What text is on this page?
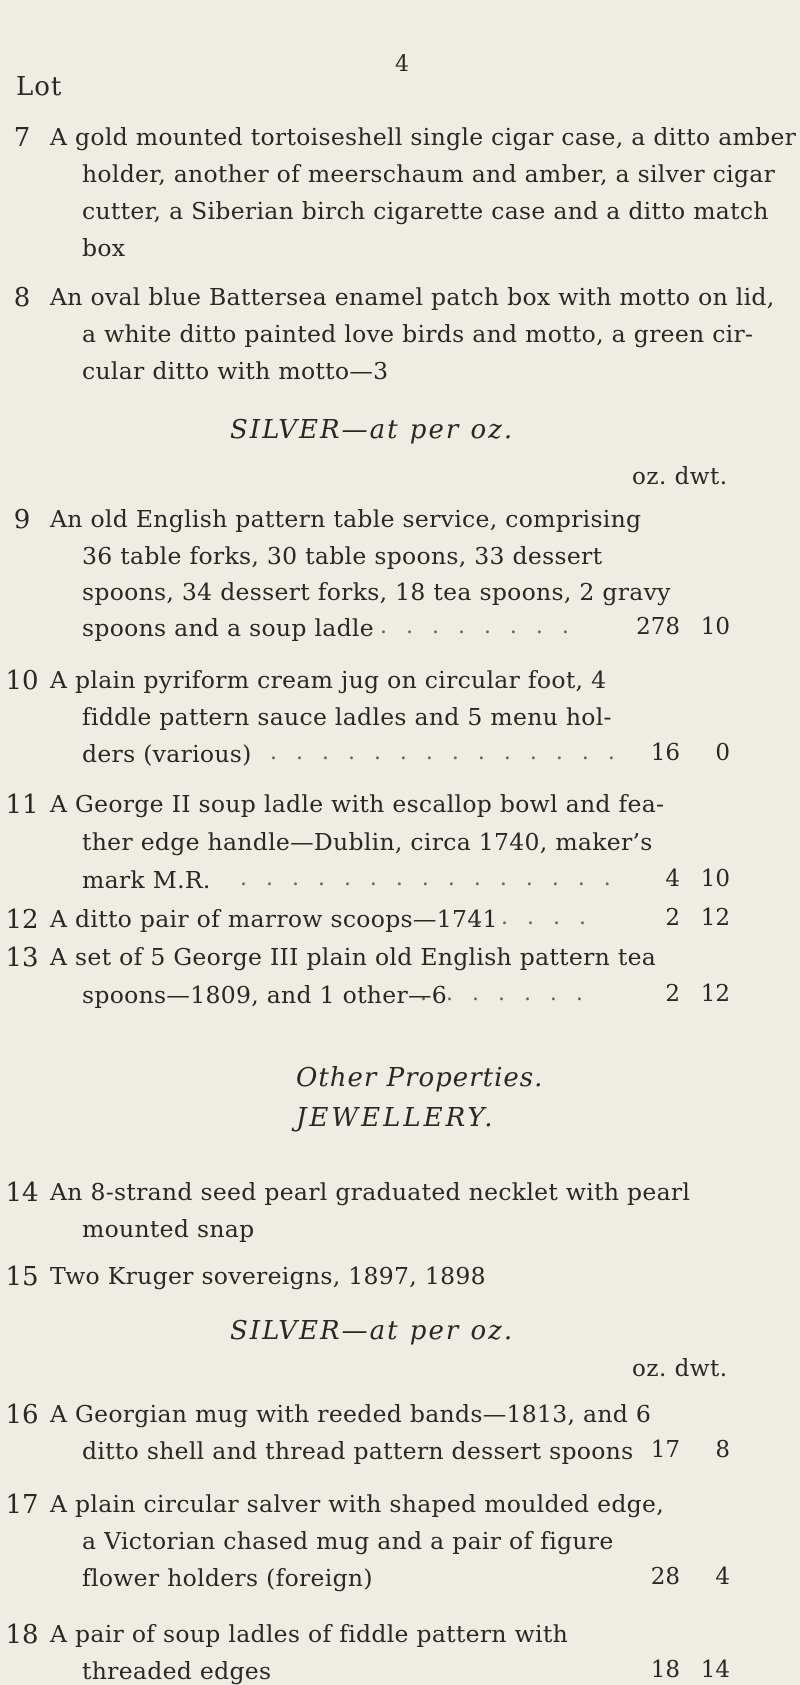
4
Lot
7 A gold mounted tortoiseshell single cigar case, a ditto amber
holder, another of meerschaum and amber, a silver cigar
cutter, a Siberian birch cigarette case and a ditto match
box
8 An oval blue Battersea enamel patch box with motto on lid,
a white ditto painted love birds and motto, a green cir-
cular ditto with motto—3
SILVER—at per oz.
oz. dwt.
9 An old English pattern table service, comprising
36 table forks, 30 table spoons, 33 dessert
spoons, 34 dessert forks, 18 tea spoons, 2 gravy
spoons and a soup ladle . . . . . . . .	278 10
10 A plain pyriform cream jug on circular foot, 4
fiddle pattern sauce ladles and 5 menu hol-
ders (various) . . . . . . . . . . . . . .	16	0
11 A George II soup ladle with escallop bowl and fea-
ther edge handle—Dublin, circa 1740, maker’s
mark M.R. . . . . . . . . . . . . . . .	4 10
12 A ditto pair of marrow scoops—1741
. . . . .	2 12
13 A set of 5 George III plain old English pattern tea
spoons—1809, and 1 other—6
. . . . . . .	2 12
Other Properties.
JEWELLERY.
14 An 8-strand seed pearl graduated necklet with pearl
mounted snap
15 Two Kruger sovereigns, 1897, 1898
SILVER—at per oz.
oz. dwt.
16 A Georgian mug with reeded bands—1813, and 6
ditto shell and thread pattern dessert spoons 17	8
17 A plain circular salver with shaped moulded edge,
a Victorian chased mug and a pair of figure
flower holders (foreign)	28	4
18 A pair of soup ladles of fiddle pattern with
threaded edges	18 14
